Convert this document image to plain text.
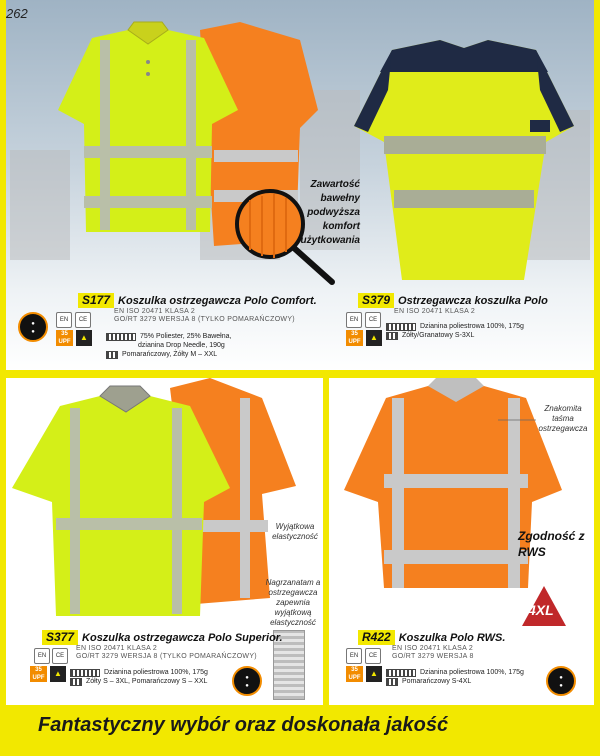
262
Zawartość
bawełny
podwyższa
komfort
użytkowania
Znakomita
taśma
ostrzegawcza
Wyjątkowa
elastyczność
Nagrzanatam a
ostrzegawcza
zapewnia
wyjątkową
elastyczność
Zgodność z
RWS
4XL
S177 Koszulka ostrzegawcza Polo Comfort.
EN ISO 20471 KLASA 2
GO/RT 3279 WERSJA 8 (TYLKO POMARAŃCZOWY)
●
●
EN	CE
35 UPF	▲	75% Poliester, 25% Bawełna,
dzianina Drop Needle, 190g
Pomarańczowy, Żółty M – XXL
S379 Ostrzegawcza koszulka Polo
EN ISO 20471 KLASA 2
EN	CE
35 UPF	▲
Dzianina poliestrowa 100%, 175g
Żółty/Granatowy S-3XL
S377 Koszulka ostrzegawcza Polo Superior.
EN ISO 20471 KLASA 2
GO/RT 3279 WERSJA 8 (TYLKO POMARAŃCZOWY)
EN	CE
35 UPF	▲	Dzianina poliestrowa 100%, 175g
Żółty S – 3XL, Pomarańczowy S – XXL	●
●
R422 Koszulka Polo RWS.
EN ISO 20471 KLASA 2
GO/RT 3279 WERSJA 8
EN	CE
35 UPF	▲	Dzianina poliestrowa 100%, 175g
Pomarańczowy S-4XL	●
●
Fantastyczny wybór oraz doskonała jakość
